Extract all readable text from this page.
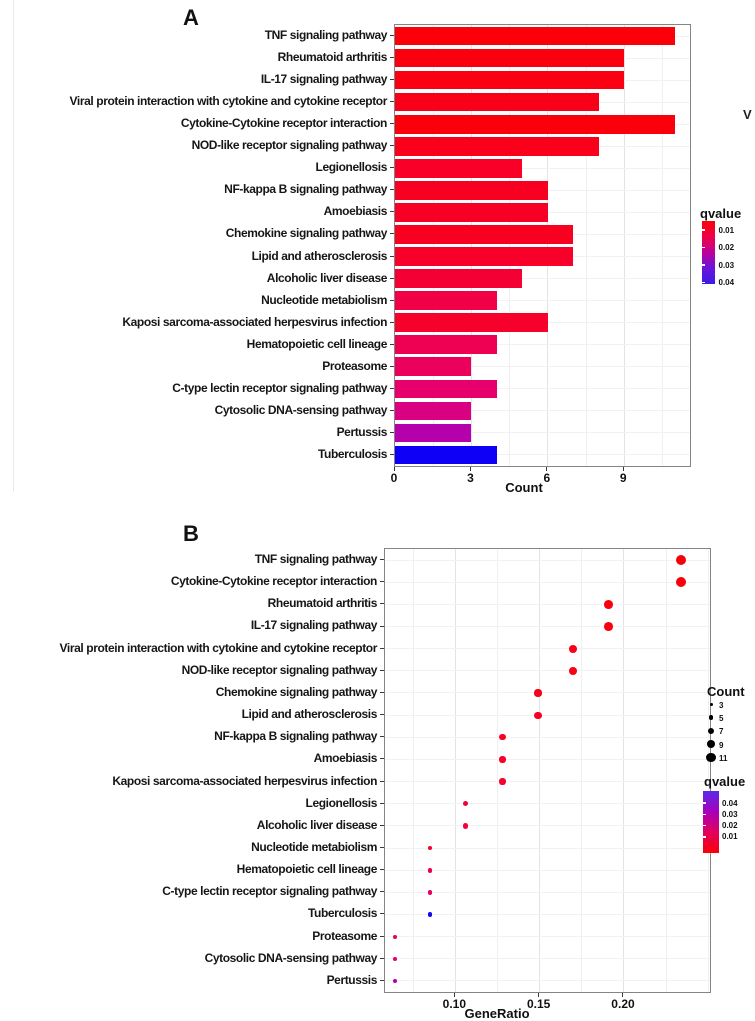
A
TNF signaling pathway
Rheumatoid arthritis
IL-17 signaling pathway
Viral protein interaction with cytokine and cytokine receptor
Cytokine-Cytokine receptor interaction
NOD-like receptor signaling pathway
Legionellosis
NF-kappa B signaling pathway
Amoebiasis
Chemokine signaling pathway
Lipid and atherosclerosis
Alcoholic liver disease
Nucleotide metabiolism
Kaposi sarcoma-associated herpesvirus infection
Hematopoietic cell lineage
Proteasome
C-type lectin receptor signaling pathway
Cytosolic DNA-sensing pathway
Pertussis
Tuberculosis
0	3	6	9
Count
qvalue
0.01
0.02
0.03
0.04
B
TNF signaling pathway
Cytokine-Cytokine receptor interaction
Rheumatoid arthritis
IL-17 signaling pathway
Viral protein interaction with cytokine and cytokine receptor
NOD-like receptor signaling pathway
Chemokine signaling pathway
Lipid and atherosclerosis
NF-kappa B signaling pathway
Amoebiasis
Kaposi sarcoma-associated herpesvirus infection
Legionellosis
Alcoholic liver disease
Nucleotide metabiolism
Hematopoietic cell lineage
C-type lectin receptor signaling pathway
Tuberculosis
Proteasome
Cytosolic DNA-sensing pathway
Pertussis
0.10	0.15	0.20
GeneRatio
Count
3
5
7
9
11
qvalue
0.04
0.03
0.02
0.01
V
